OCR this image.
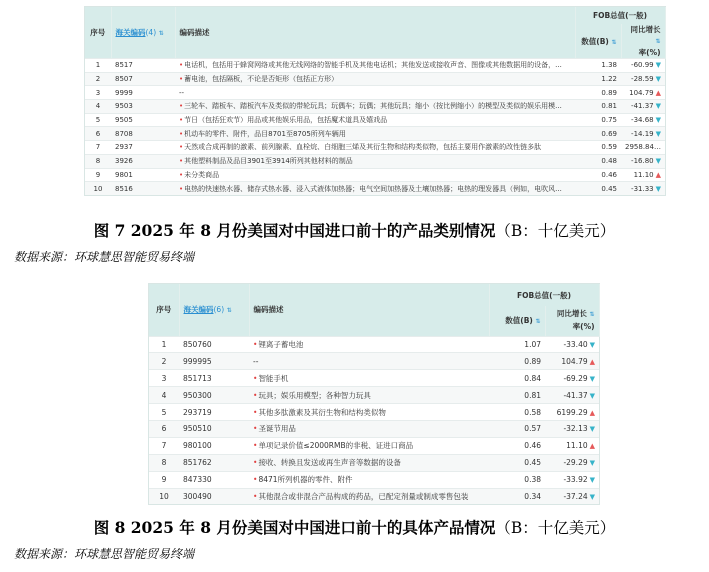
序号	海关编码(4) ⇅	编码描述	FOB总值(一般)	
			数值(B) ⇅	同比增长 ⇅
率(%)
1	8517	•电话机，包括用于蜂窝网络或其他无线网络的智能手机及其他电话机；其他发送或接收声音、图像或其他数据用的设备，...	1.38	-60.99 ▼
2	8507	•蓄电池，包括隔板，不论是否矩形（包括正方形）	1.22	-28.59 ▼
3	9999	--	0.89	104.79 ▲
4	9503	•三轮车、踏板车、踏板汽车及类似的带轮玩具；玩偶车；玩偶；其他玩具；缩小（按比例缩小）的模型及类似的娱乐用模...	0.81	-41.37 ▼
5	9505	•节日（包括狂欢节）用品或其他娱乐用品，包括魔术道具及嬉戏品	0.75	-34.68 ▼
6	8708	•机动车的零件、附件，品目8701至8705所列车辆用	0.69	-14.19 ▼
7	2937	•天然或合成再制的激素、前列腺素、血栓烷、白细胞三烯及其衍生物和结构类似物，包括主要用作激素的改性链多肽	0.59	2958.84 ▲
8	3926	•其他塑料制品及品目3901至3914所列其他材料的制品	0.48	-16.80 ▼
9	9801	•未分类商品	0.46	11.10 ▲
10	8516	•电热的快速热水器、储存式热水器、浸入式液体加热器；电气空间加热器及土壤加热器；电热的理发器具（例如，电吹风...	0.45	-31.33 ▼
图 7 2025 年 8 月份美国对中国进口前十的产品类别情况（B：十亿美元）
数据来源：环球慧思智能贸易终端
序号	海关编码(6) ⇅	编码描述	FOB总值(一般)	
			数值(B) ⇅	同比增长 ⇅
率(%)
1	850760	•锂离子蓄电池	1.07	-33.40 ▼
2	999995	--	0.89	104.79 ▲
3	851713	•智能手机	0.84	-69.29 ▼
4	950300	•玩具；娱乐用模型；各种智力玩具	0.81	-41.37 ▼
5	293719	•其他多肽激素及其衍生物和结构类似物	0.58	6199.29 ▲
6	950510	•圣诞节用品	0.57	-32.13 ▼
7	980100	•单项记录价值≤2000RMB的非税、证进口商品	0.46	11.10 ▲
8	851762	•接收、转换且发送或再生声音等数据的设备	0.45	-29.29 ▼
9	847330	•8471所列机器的零件、附件	0.38	-33.92 ▼
10	300490	•其他混合或非混合产品构成的药品，已配定剂量或制成零售包装	0.34	-37.24 ▼
图 8 2025 年 8 月份美国对中国进口前十的具体产品情况（B：十亿美元）
数据来源：环球慧思智能贸易终端
